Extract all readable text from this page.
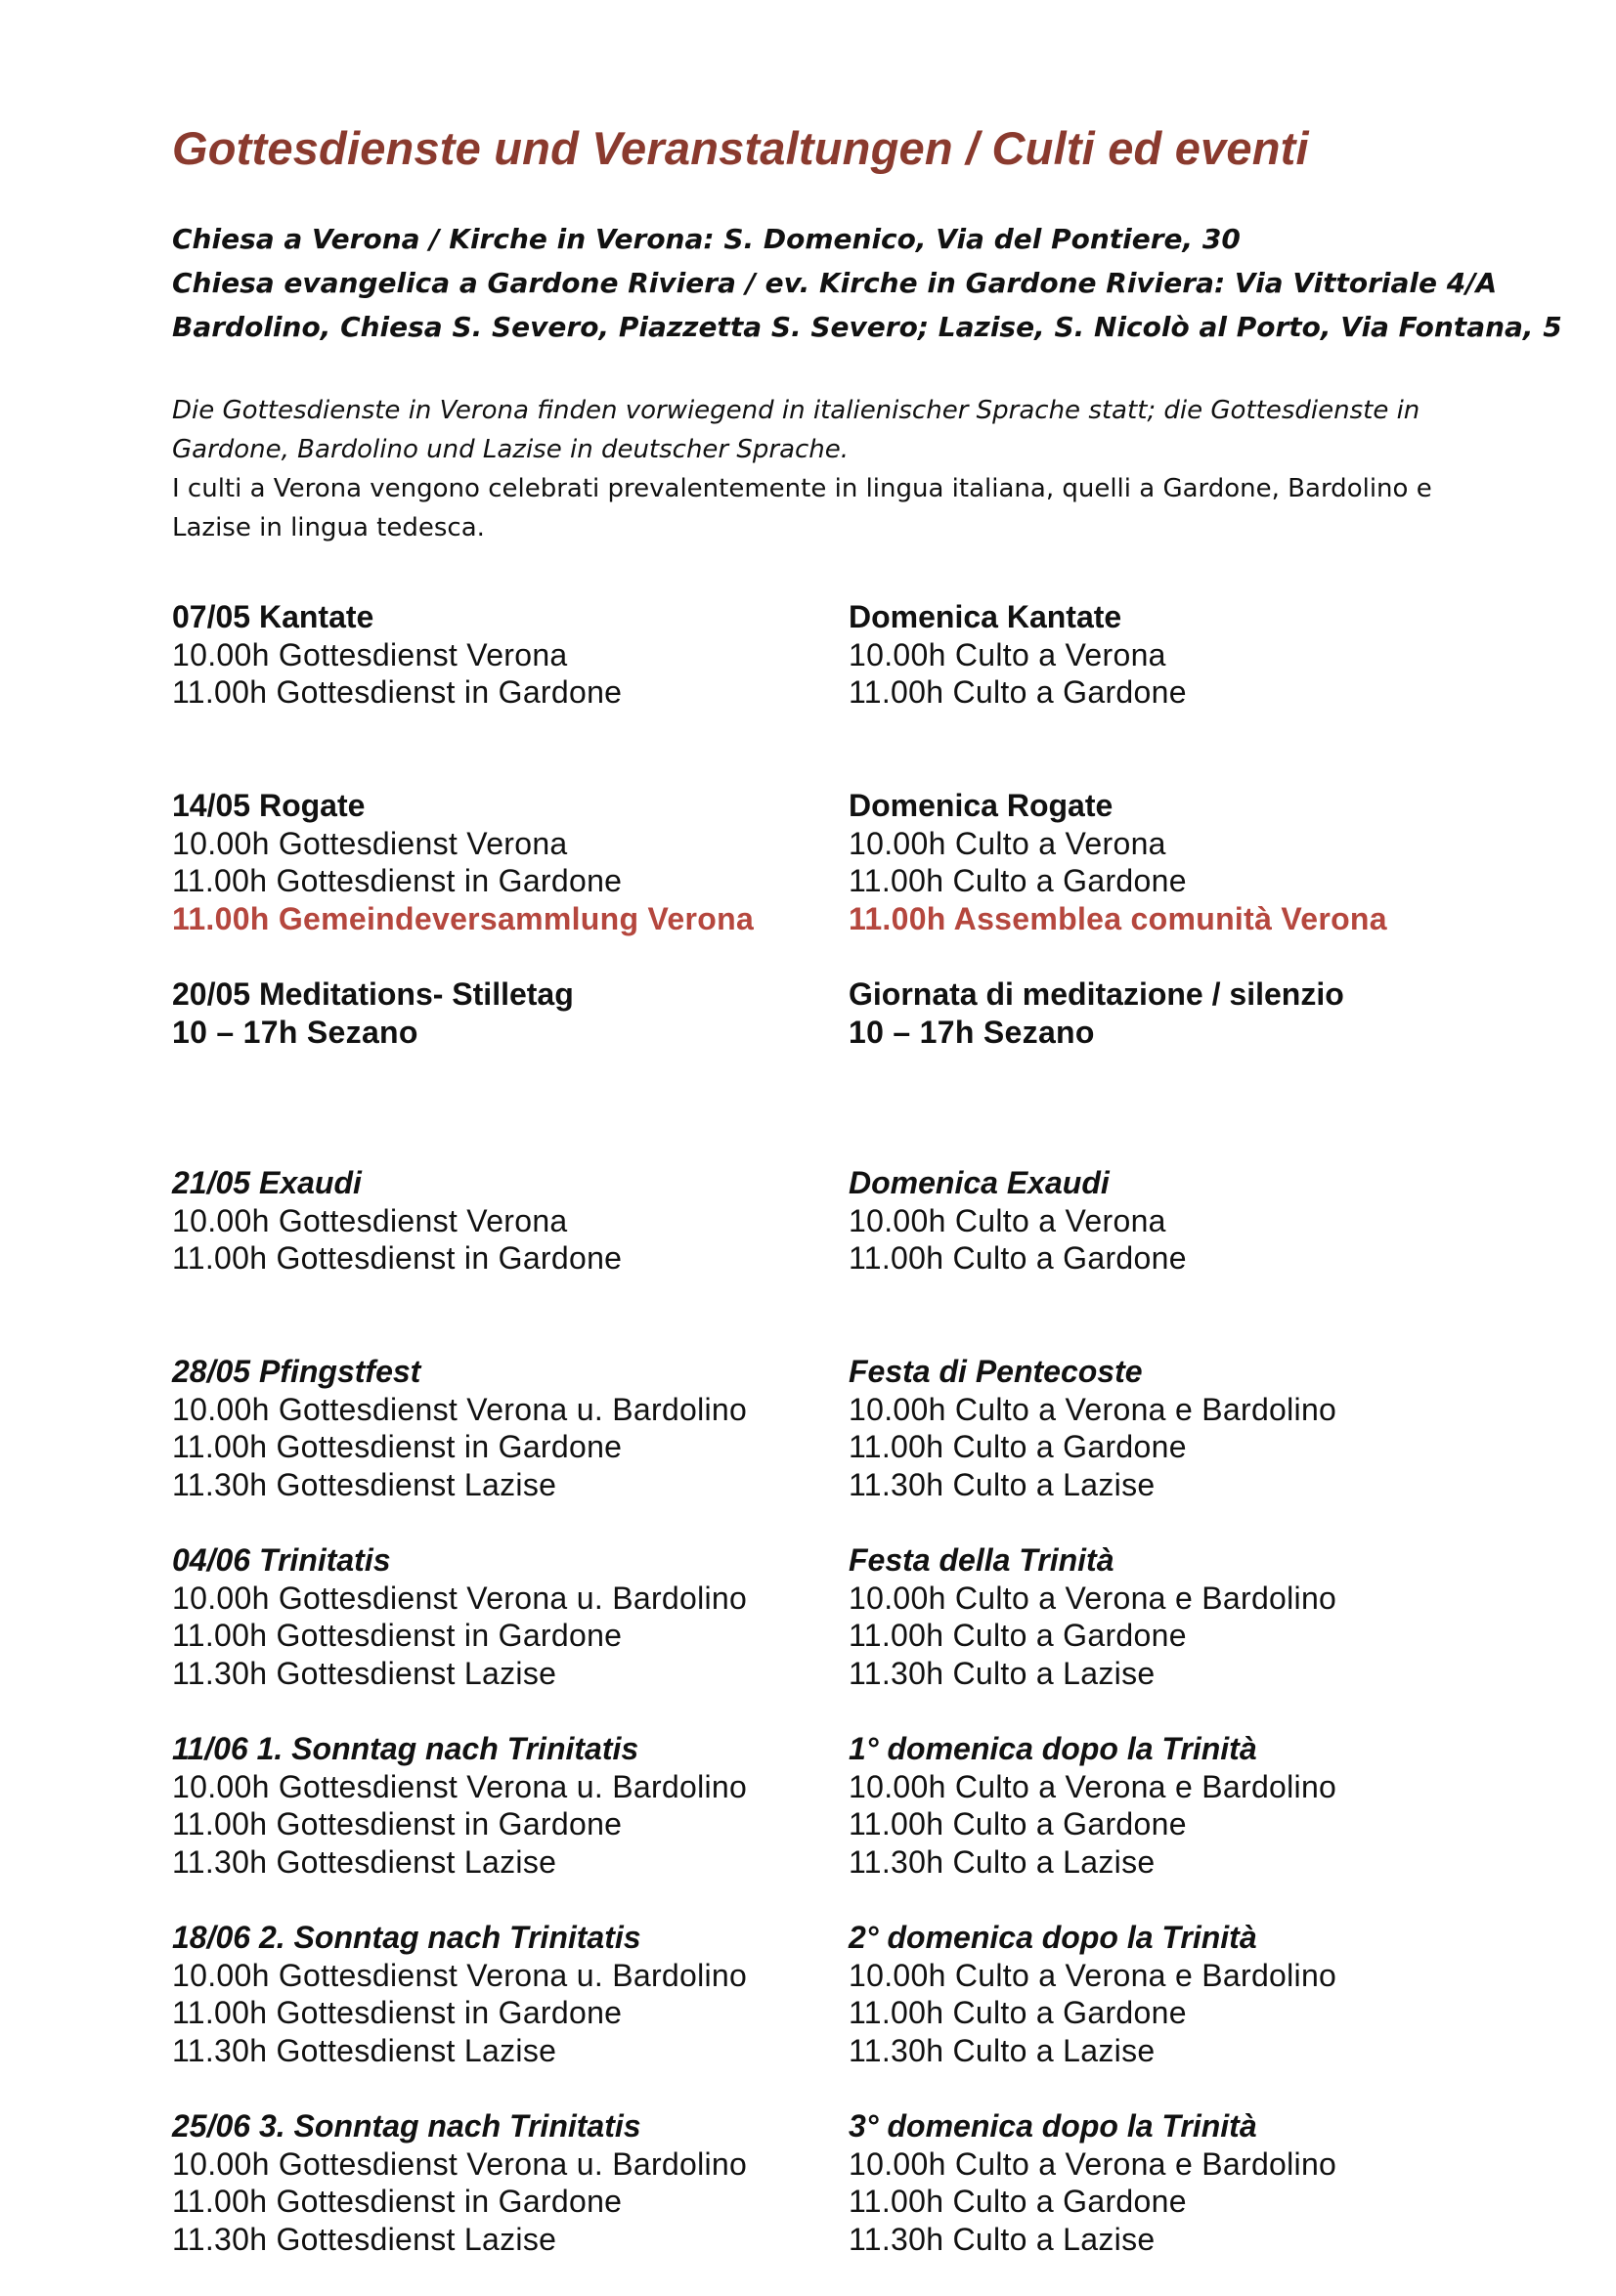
Gottesdienste und Veranstaltungen / Culti ed eventi
Chiesa a Verona / Kirche in Verona: S. Domenico, Via del Pontiere, 30
Chiesa evangelica a Gardone Riviera / ev. Kirche in Gardone Riviera: Via Vittoriale 4/A
Bardolino, Chiesa S. Severo, Piazzetta S. Severo; Lazise, S. Nicolò al Porto, Via Fontana, 5
Die Gottesdienste in Verona finden vorwiegend in italienischer Sprache statt; die Gottesdienste in Gardone, Bardolino und Lazise in deutscher Sprache.
I culti a Verona vengono celebrati prevalentemente in lingua italiana, quelli a Gardone, Bardolino e Lazise in lingua tedesca.
07/05 Kantate
10.00h Gottesdienst Verona
11.00h Gottesdienst in Gardone
14/05 Rogate
10.00h Gottesdienst Verona
11.00h Gottesdienst in Gardone
11.00h Gemeindeversammlung Verona
20/05 Meditations- Stilletag
10 – 17h Sezano
21/05 Exaudi
10.00h Gottesdienst Verona
11.00h Gottesdienst in Gardone
28/05 Pfingstfest
10.00h Gottesdienst Verona u. Bardolino
11.00h Gottesdienst in Gardone
11.30h Gottesdienst Lazise
04/06 Trinitatis
10.00h Gottesdienst Verona u. Bardolino
11.00h Gottesdienst in Gardone
11.30h Gottesdienst Lazise
11/06 1. Sonntag nach Trinitatis
10.00h Gottesdienst Verona u. Bardolino
11.00h Gottesdienst in Gardone
11.30h Gottesdienst Lazise
18/06 2. Sonntag nach Trinitatis
10.00h Gottesdienst Verona u. Bardolino
11.00h Gottesdienst in Gardone
11.30h Gottesdienst Lazise
25/06 3. Sonntag nach Trinitatis
10.00h Gottesdienst Verona u. Bardolino
11.00h Gottesdienst in Gardone
11.30h Gottesdienst Lazise
Domenica Kantate
10.00h Culto a Verona
11.00h Culto a Gardone
Domenica Rogate
10.00h Culto a Verona
11.00h Culto a Gardone
11.00h Assemblea comunità Verona
Giornata di meditazione / silenzio
10 – 17h Sezano
Domenica Exaudi
10.00h Culto a Verona
11.00h Culto a Gardone
Festa di Pentecoste
10.00h Culto a Verona e Bardolino
11.00h Culto a Gardone
11.30h Culto a Lazise
Festa della Trinità
10.00h Culto a Verona e Bardolino
11.00h Culto a Gardone
11.30h Culto a Lazise
1° domenica dopo la Trinità
10.00h Culto a Verona e Bardolino
11.00h Culto a Gardone
11.30h Culto a Lazise
2° domenica dopo la Trinità
10.00h Culto a Verona e Bardolino
11.00h Culto a Gardone
11.30h Culto a Lazise
3° domenica dopo la Trinità
10.00h Culto a Verona e Bardolino
11.00h Culto a Gardone
11.30h Culto a Lazise
